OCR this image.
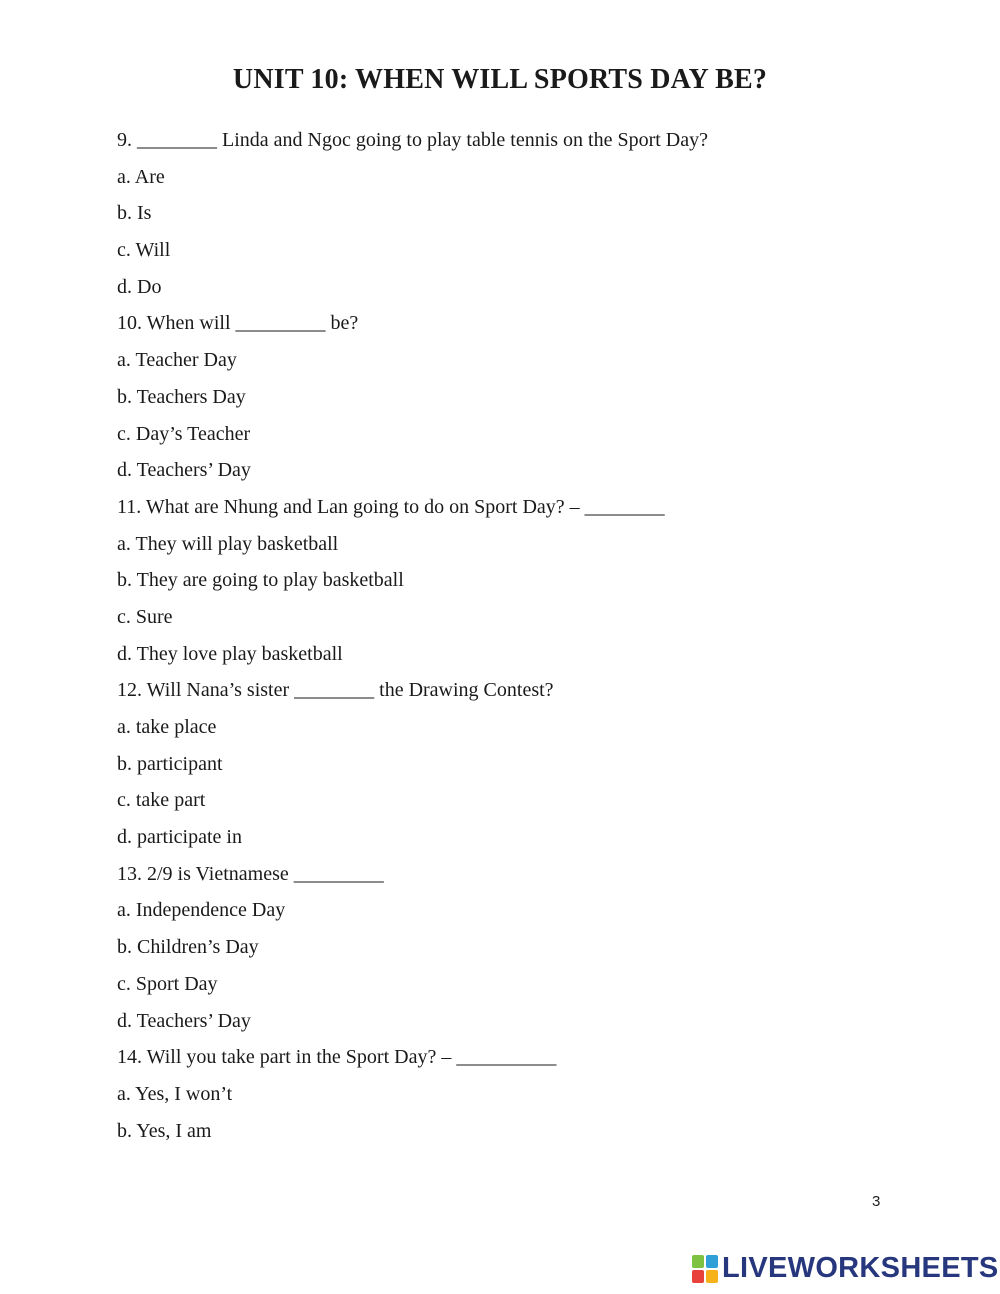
UNIT 10: WHEN WILL SPORTS DAY BE?
9. ________ Linda and Ngoc going to play table tennis on the Sport Day?
a. Are
b. Is
c. Will
d. Do
10. When will _________ be?
a. Teacher Day
b. Teachers Day
c. Day’s Teacher
d. Teachers’ Day
11. What are Nhung and Lan going to do on Sport Day? – ________
a. They will play basketball
b. They are going to play basketball
c. Sure
d. They love play basketball
12. Will Nana’s sister ________ the Drawing Contest?
a. take place
b. participant
c. take part
d. participate in
13. 2/9 is Vietnamese _________
a. Independence Day
b. Children’s Day
c. Sport Day
d. Teachers’ Day
14. Will you take part in the Sport Day? – __________
a. Yes, I won’t
b. Yes, I am
3
LIVEWORKSHEETS
